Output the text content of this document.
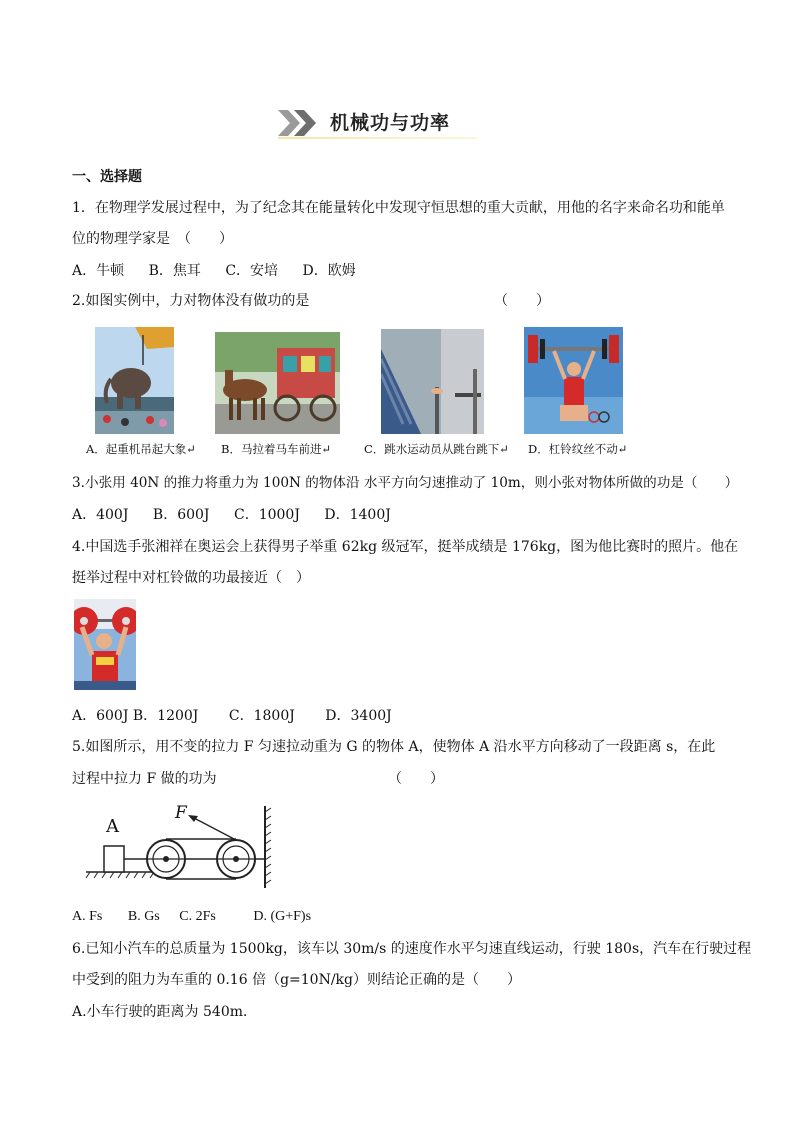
机械功与功率
一、选择题
1．在物理学发展过程中，为了纪念其在能量转化中发现守恒思想的重大贡献，用他的名字来命名功和能单
位的物理学家是　（　　）
A．牛顿 B．焦耳 C．安培 D．欧姆
2.如图实例中，力对物体没有做功的是	（　　）
A．起重机吊起大象↵ B．马拉着马车前进↵	C．跳水运动员从跳台跳下↵ D．杠铃纹丝不动↵
3.小张用 40N 的推力将重力为 100N 的物体沿 水平方向匀速推动了 10m，则小张对物体所做的功是（　　）
A．400J B．600J C．1000J D．1400J
4.中国选手张湘祥在奥运会上获得男子举重 62kg 级冠军，挺举成绩是 176kg，图为他比赛时的照片。他在
挺举过程中对杠铃做的功最接近（　）
A．600J B．1200J C．1800J D．3400J
5.如图所示，用不变的拉力 F 匀速拉动重为 G 的物体 A，使物体 A 沿水平方向移动了一段距离 s，在此
过程中拉力 F 做的功为	（　　）
A
F
A. Fs B. Gs C. 2Fs	D. (G+F)s
6.已知小汽车的总质量为 1500kg，该车以 30m/s 的速度作水平匀速直线运动，行驶 180s，汽车在行驶过程
中受到的阻力为车重的 0.16 倍（g=10N/kg）则结论正确的是（　　）
A.小车行驶的距离为 540m．
